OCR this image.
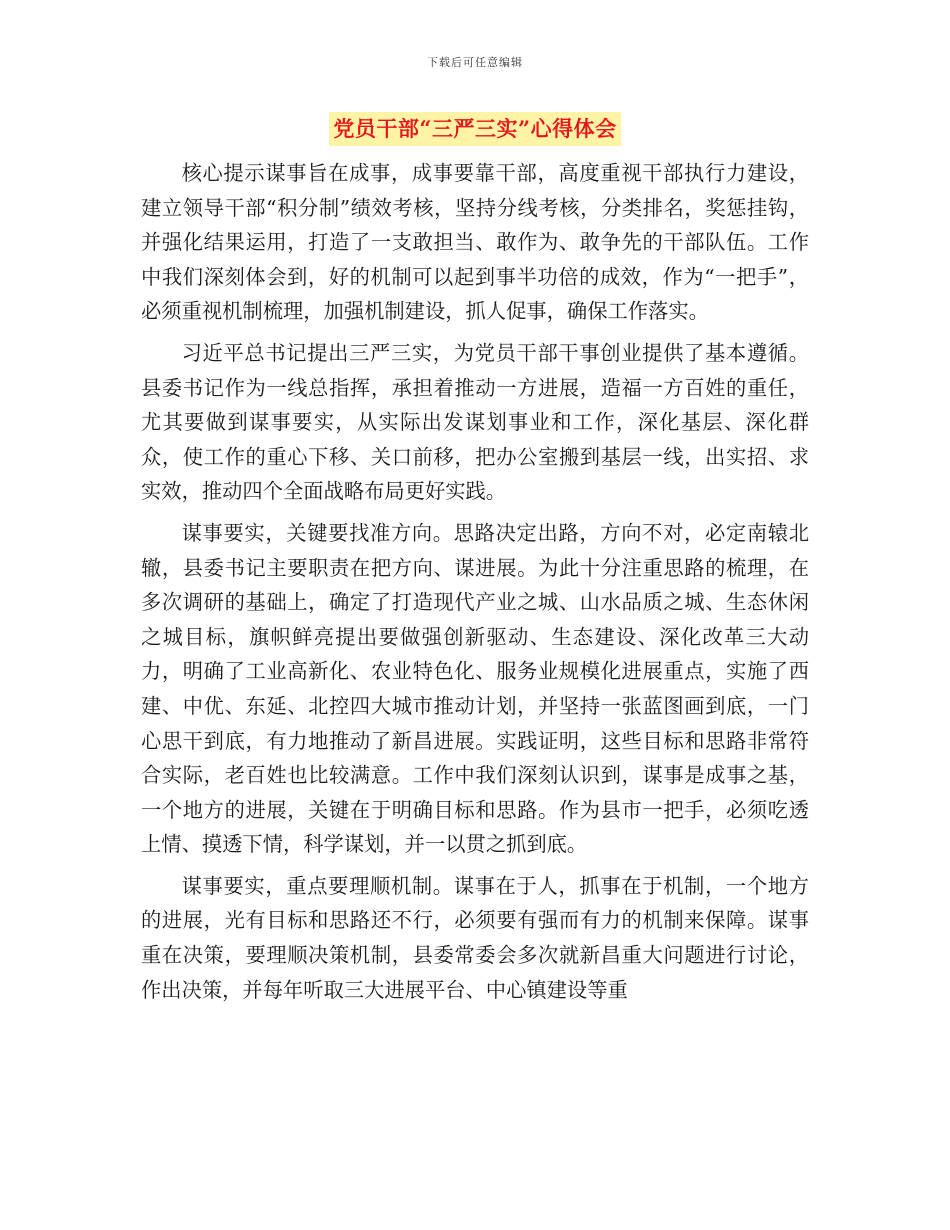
下载后可任意编辑
党员干部“三严三实”心得体会

核心提示谋事旨在成事，成事要靠干部，高度重视干部执行力建设，建立领导干部“积分制”绩效考核，坚持分线考核，分类排名，奖惩挂钩，并强化结果运用，打造了一支敢担当、敢作为、敢争先的干部队伍。工作中我们深刻体会到，好的机制可以起到事半功倍的成效，作为“一把手”，必须重视机制梳理，加强机制建设，抓人促事，确保工作落实。

习近平总书记提出三严三实，为党员干部干事创业提供了基本遵循。县委书记作为一线总指挥，承担着推动一方进展，造福一方百姓的重任，尤其要做到谋事要实，从实际出发谋划事业和工作，深化基层、深化群众，使工作的重心下移、关口前移，把办公室搬到基层一线，出实招、求实效，推动四个全面战略布局更好实践。

谋事要实，关键要找准方向。思路决定出路，方向不对，必定南辕北辙，县委书记主要职责在把方向、谋进展。为此十分注重思路的梳理，在多次调研的基础上，确定了打造现代产业之城、山水品质之城、生态休闲之城目标，旗帜鲜亮提出要做强创新驱动、生态建设、深化改革三大动力，明确了工业高新化、农业特色化、服务业规模化进展重点，实施了西建、中优、东延、北控四大城市推动计划，并坚持一张蓝图画到底，一门心思干到底，有力地推动了新昌进展。实践证明，这些目标和思路非常符合实际，老百姓也比较满意。工作中我们深刻认识到，谋事是成事之基，一个地方的进展，关键在于明确目标和思路。作为县市一把手，必须吃透上情、摸透下情，科学谋划，并一以贯之抓到底。

谋事要实，重点要理顺机制。谋事在于人，抓事在于机制，一个地方的进展，光有目标和思路还不行，必须要有强而有力的机制来保障。谋事重在决策，要理顺决策机制，县委常委会多次就新昌重大问题进行讨论，作出决策，并每年听取三大进展平台、中心镇建设等重
